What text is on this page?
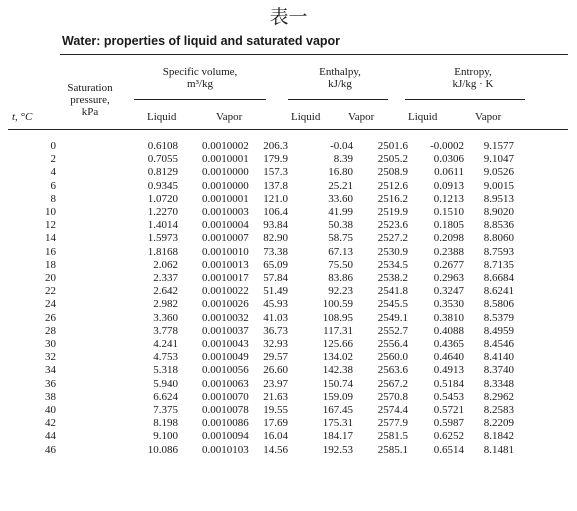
表一
Water: properties of liquid and saturated vapor
Specific volume,
m³/kg
Enthalpy,
kJ/kg
Entropy,
kJ/kg · K
Saturation
pressure,
kPa
t, °C	Liquid	Vapor	Liquid	Vapor	Liquid	Vapor
0		0.6108		0.0010002	206.3		-0.04	2501.6	-0.0002	9.1577
2		0.7055		0.0010001	179.9		8.39	2505.2	0.0306	9.1047
4		0.8129		0.0010000	157.3		16.80	2508.9	0.0611	9.0526
6		0.9345		0.0010000	137.8		25.21	2512.6	0.0913	9.0015
8		1.0720		0.0010001	121.0		33.60	2516.2	0.1213	8.9513
10		1.2270		0.0010003	106.4		41.99	2519.9	0.1510	8.9020
12		1.4014		0.0010004	93.84		50.38	2523.6	0.1805	8.8536
14		1.5973		0.0010007	82.90		58.75	2527.2	0.2098	8.8060
16		1.8168		0.0010010	73.38		67.13	2530.9	0.2388	8.7593
18		2.062		0.0010013	65.09		75.50	2534.5	0.2677	8.7135
20		2.337		0.0010017	57.84		83.86	2538.2	0.2963	8.6684
22		2.642		0.0010022	51.49		92.23	2541.8	0.3247	8.6241
24		2.982		0.0010026	45.93		100.59	2545.5	0.3530	8.5806
26		3.360		0.0010032	41.03		108.95	2549.1	0.3810	8.5379
28		3.778		0.0010037	36.73		117.31	2552.7	0.4088	8.4959
30		4.241		0.0010043	32.93		125.66	2556.4	0.4365	8.4546
32		4.753		0.0010049	29.57		134.02	2560.0	0.4640	8.4140
34		5.318		0.0010056	26.60		142.38	2563.6	0.4913	8.3740
36		5.940		0.0010063	23.97		150.74	2567.2	0.5184	8.3348
38		6.624		0.0010070	21.63		159.09	2570.8	0.5453	8.2962
40		7.375		0.0010078	19.55		167.45	2574.4	0.5721	8.2583
42		8.198		0.0010086	17.69		175.31	2577.9	0.5987	8.2209
44		9.100		0.0010094	16.04		184.17	2581.5	0.6252	8.1842
46		10.086		0.0010103	14.56		192.53	2585.1	0.6514	8.1481
